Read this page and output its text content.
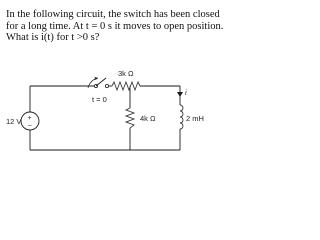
In the following circuit, the switch has been closed
for a long time. At t = 0 s it moves to open position.
What is i(t) for t >0 s?
t = 0
3k Ω
+
−
12 V	4k Ω	2 mH
i
